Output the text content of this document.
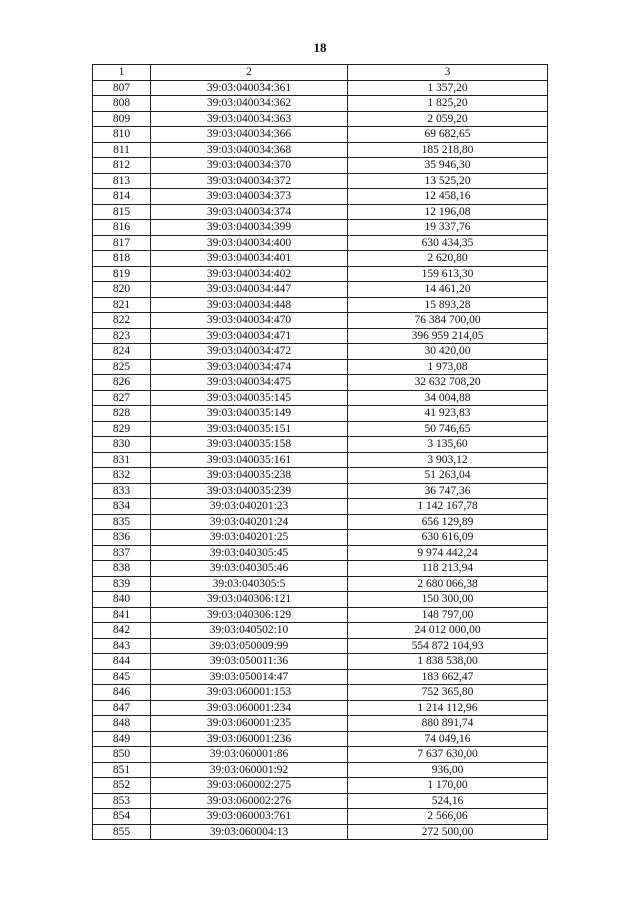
18
1	2	3
807	39:03:040034:361	1 357,20
808	39:03:040034:362	1 825,20
809	39:03:040034:363	2 059,20
810	39:03:040034:366	69 682,65
811	39:03:040034:368	185 218,80
812	39:03:040034:370	35 946,30
813	39:03:040034:372	13 525,20
814	39:03:040034:373	12 458,16
815	39:03:040034:374	12 196,08
816	39:03:040034:399	19 337,76
817	39:03:040034:400	630 434,35
818	39:03:040034:401	2 620,80
819	39:03:040034:402	159 613,30
820	39:03:040034:447	14 461,20
821	39:03:040034:448	15 893,28
822	39:03:040034:470	76 384 700,00
823	39:03:040034:471	396 959 214,05
824	39:03:040034:472	30 420,00
825	39:03:040034:474	1 973,08
826	39:03:040034:475	32 632 708,20
827	39:03:040035:145	34 004,88
828	39:03:040035:149	41 923,83
829	39:03:040035:151	50 746,65
830	39:03:040035:158	3 135,60
831	39:03:040035:161	3 903,12
832	39:03:040035:238	51 263,04
833	39:03:040035:239	36 747,36
834	39:03:040201:23	1 142 167,78
835	39:03:040201:24	656 129,89
836	39:03:040201:25	630 616,09
837	39:03:040305:45	9 974 442,24
838	39:03:040305:46	118 213,94
839	39:03:040305:5	2 680 066,38
840	39:03:040306:121	150 300,00
841	39:03:040306:129	148 797,00
842	39:03:040502:10	24 012 000,00
843	39:03:050009:99	554 872 104,93
844	39:03:050011:36	1 838 538,00
845	39:03:050014:47	183 662,47
846	39:03:060001:153	752 365,80
847	39:03:060001:234	1 214 112,96
848	39:03:060001:235	880 891,74
849	39:03:060001:236	74 049,16
850	39:03:060001:86	7 637 630,00
851	39:03:060001:92	936,00
852	39:03:060002:275	1 170,00
853	39:03:060002:276	524,16
854	39:03:060003:761	2 566,06
855	39:03:060004:13	272 500,00
